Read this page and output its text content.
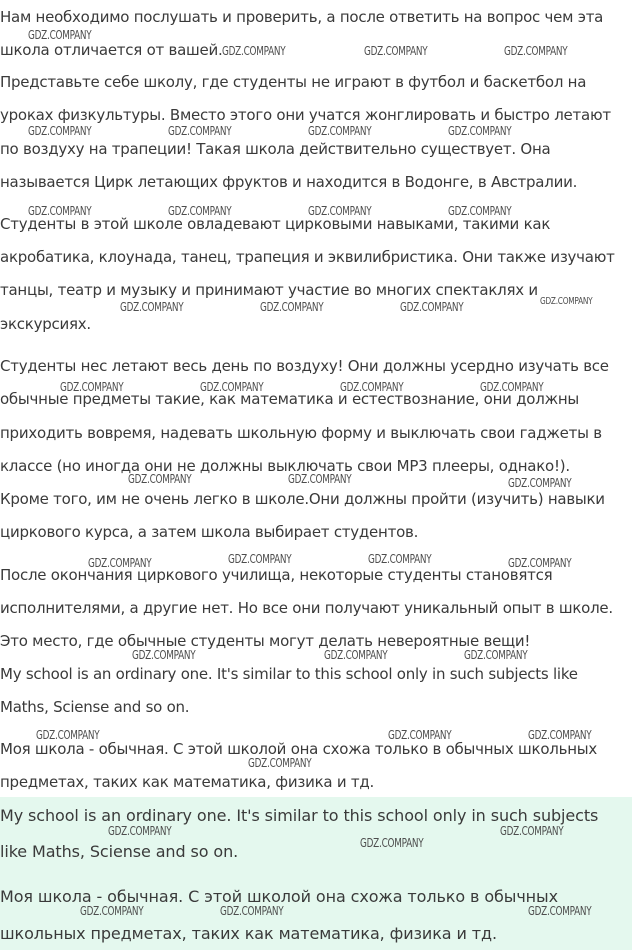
Нам необходимо послушать и проверить, а после ответить на вопрос чем эта
школа отличается от вашей.
Представьте себе школу, где студенты не играют в футбол и баскетбол на
уроках физкультуры. Вместо этого они учатся жонглировать и быстро летают
по воздуху на трапеции! Такая школа действительно существует. Она
называется Цирк летающих фруктов и находится в Водонге, в Австралии.
Студенты в этой школе овладевают цирковыми навыками, такими как
акробатика, клоунада, танец, трапеция и эквилибристика. Они также изучают
танцы, театр и музыку и принимают участие во многих спектаклях и
экскурсиях.
Студенты нес летают весь день по воздуху! Они должны усердно изучать все
обычные предметы такие, как математика и естествознание, они должны
приходить вовремя, надевать школьную форму и выключать свои гаджеты в
классе (но иногда они не должны выключать свои MP3 плееры, однако!).
Кроме того, им не очень легко в школе.Они должны пройти (изучить) навыки
циркового курса, а затем школа выбирает студентов.
После окончания циркового училища, некоторые студенты становятся
исполнителями, а другие нет. Но все они получают уникальный опыт в школе.
Это место, где обычные студенты могут делать невероятные вещи!
My school is an ordinary one. It's similar to this school only in such subjects like
Maths, Sciense and so on.
Моя школа - обычная. С этой школой она схожа только в обычных школьных
предметах, таких как математика, физика и тд.
My school is an ordinary one. It's similar to this school only in such subjects
like Maths, Sciense and so on.
Моя школа - обычная. С этой школой она схожа только в обычных
школьных предметах, таких как математика, физика и тд.
GDZ.COMPANY
GDZ.COMPANY	GDZ.COMPANY	GDZ.COMPANY
GDZ.COMPANY	GDZ.COMPANY	GDZ.COMPANY	GDZ.COMPANY
GDZ.COMPANY	GDZ.COMPANY	GDZ.COMPANY	GDZ.COMPANY
GDZ.COMPANY	GDZ.COMPANY	GDZ.COMPANY	GDZ.COMPANY
GDZ.COMPANY	GDZ.COMPANY	GDZ.COMPANY	GDZ.COMPANY
GDZ.COMPANY	GDZ.COMPANY	GDZ.COMPANY
GDZ.COMPANY	GDZ.COMPANY	GDZ.COMPANY	GDZ.COMPANY
GDZ.COMPANY	GDZ.COMPANY	GDZ.COMPANY
GDZ.COMPANY	GDZ.COMPANY	GDZ.COMPANY
GDZ.COMPANY
GDZ.COMPANY	GDZ.COMPANY
GDZ.COMPANY
GDZ.COMPANY	GDZ.COMPANY	GDZ.COMPANY
